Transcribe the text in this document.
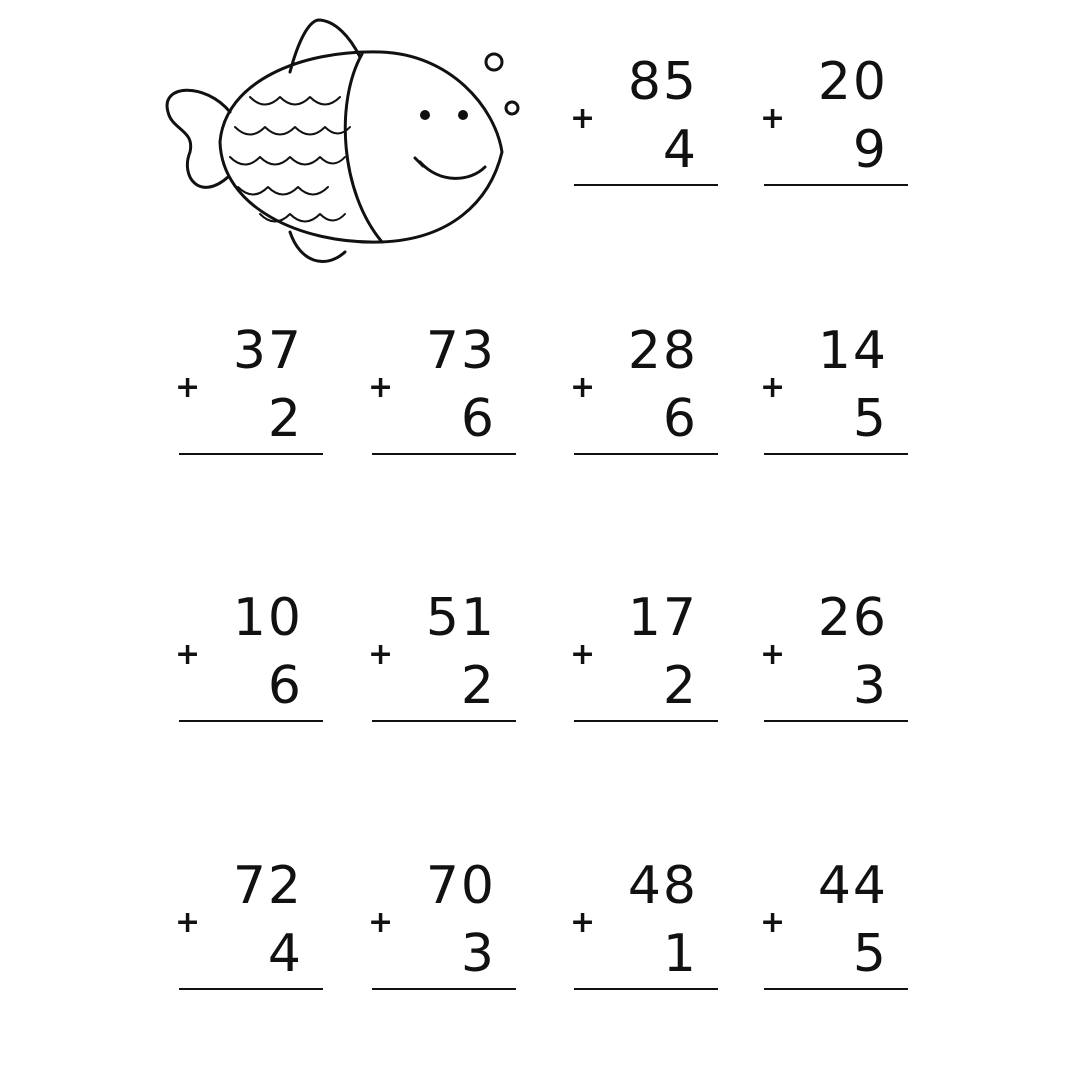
+
85
4
+
20
9
+
37
2
+
73
6
+
28
6
+
14
5
+
10
6
+
51
2
+
17
2
+
26
3
+
72
4
+
70
3
+
48
1
+
44
5
